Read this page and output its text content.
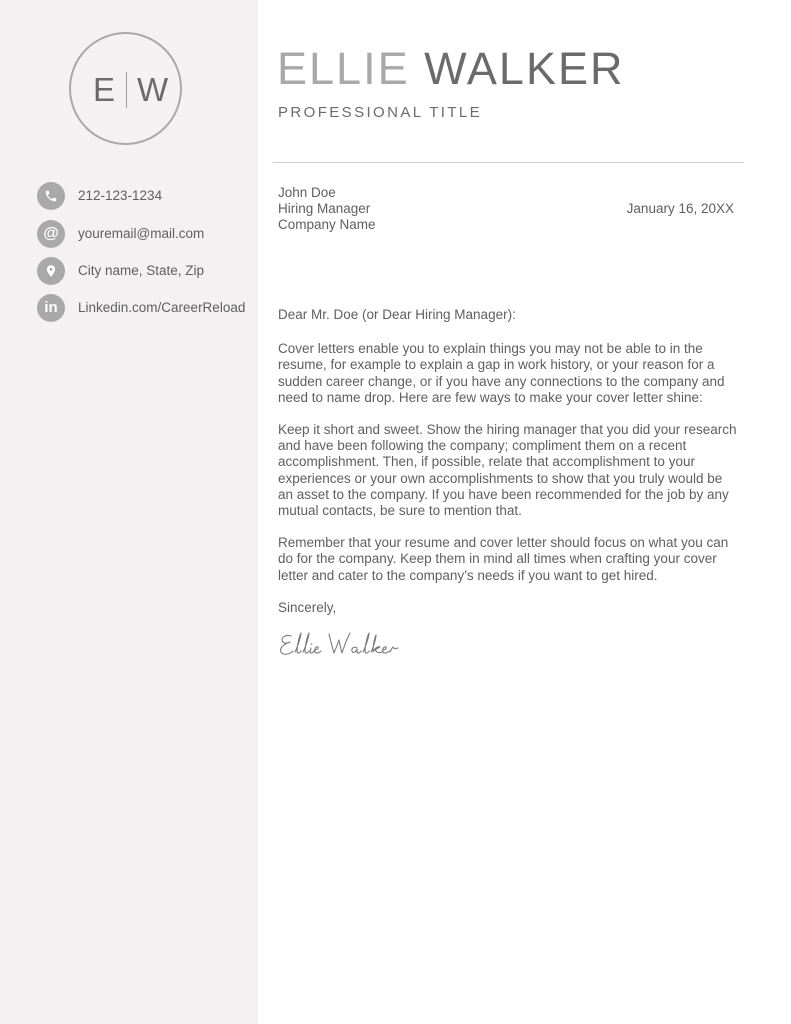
E W
212-123-1234
@	youremail@mail.com
City name, State, Zip
in	Linkedin.com/CareerReload
ELLIE WALKER
PROFESSIONAL TITLE
John Doe
Hiring Manager
Company Name
January 16, 20XX

Dear Mr. Doe (or Dear Hiring Manager):

Cover letters enable you to explain things you may not be able to in the resume, for example to explain a gap in work history, or your reason for a sudden career change, or if you have any connections to the company and need to name drop. Here are few ways to make your cover letter shine:

Keep it short and sweet. Show the hiring manager that you did your research and have been following the company; compliment them on a recent accomplishment. Then, if possible, relate that accomplishment to your experiences or your own accomplishments to show that you truly would be an asset to the company. If you have been recommended for the job by any mutual contacts, be sure to mention that.

Remember that your resume and cover letter should focus on what you can do for the company. Keep them in mind all times when crafting your cover letter and cater to the company’s needs if you want to get hired.

Sincerely,
